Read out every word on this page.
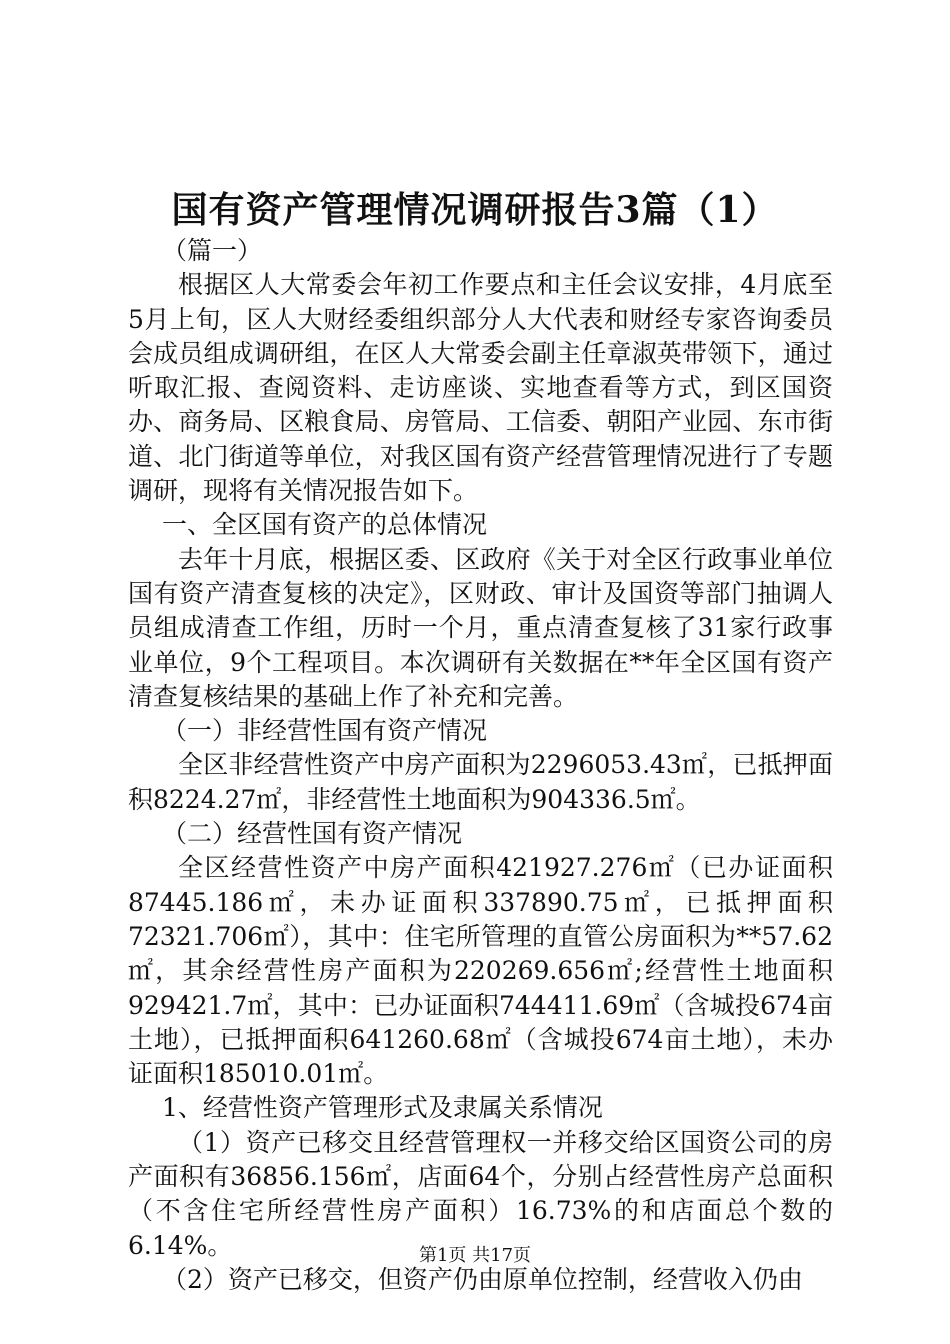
国有资产管理情况调研报告3篇（1）

（篇一）

根据区人大常委会年初工作要点和主任会议安排，4月底至5月上旬，区人大财经委组织部分人大代表和财经专家咨询委员会成员组成调研组，在区人大常委会副主任章淑英带领下，通过听取汇报、查阅资料、走访座谈、实地查看等方式，到区国资办、商务局、区粮食局、房管局、工信委、朝阳产业园、东市街道、北门街道等单位，对我区国有资产经营管理情况进行了专题调研，现将有关情况报告如下。

一、全区国有资产的总体情况

去年十月底，根据区委、区政府《关于对全区行政事业单位国有资产清查复核的决定》，区财政、审计及国资等部门抽调人员组成清查工作组，历时一个月，重点清查复核了31家行政事业单位，9个工程项目。本次调研有关数据在**年全区国有资产清查复核结果的基础上作了补充和完善。

（一）非经营性国有资产情况

全区非经营性资产中房产面积为2296053.43㎡，已抵押面积8224.27㎡，非经营性土地面积为904336.5㎡。

（二）经营性国有资产情况

全区经营性资产中房产面积421927.276㎡（已办证面积87445.186㎡，未办证面积337890.75㎡，已抵押面积72321.706㎡），其中：住宅所管理的直管公房面积为**57.62㎡，其余经营性房产面积为220269.656㎡;经营性土地面积929421.7㎡，其中：已办证面积744411.69㎡（含城投674亩土地），已抵押面积641260.68㎡（含城投674亩土地），未办证面积185010.01㎡。

1、经营性资产管理形式及隶属关系情况

（1）资产已移交且经营管理权一并移交给区国资公司的房产面积有36856.156㎡，店面64个，分别占经营性房产总面积（不含住宅所经营性房产面积）16.73%的和店面总个数的6.14%。

（2）资产已移交，但资产仍由原单位控制，经营收入仍由

第1页 共17页
